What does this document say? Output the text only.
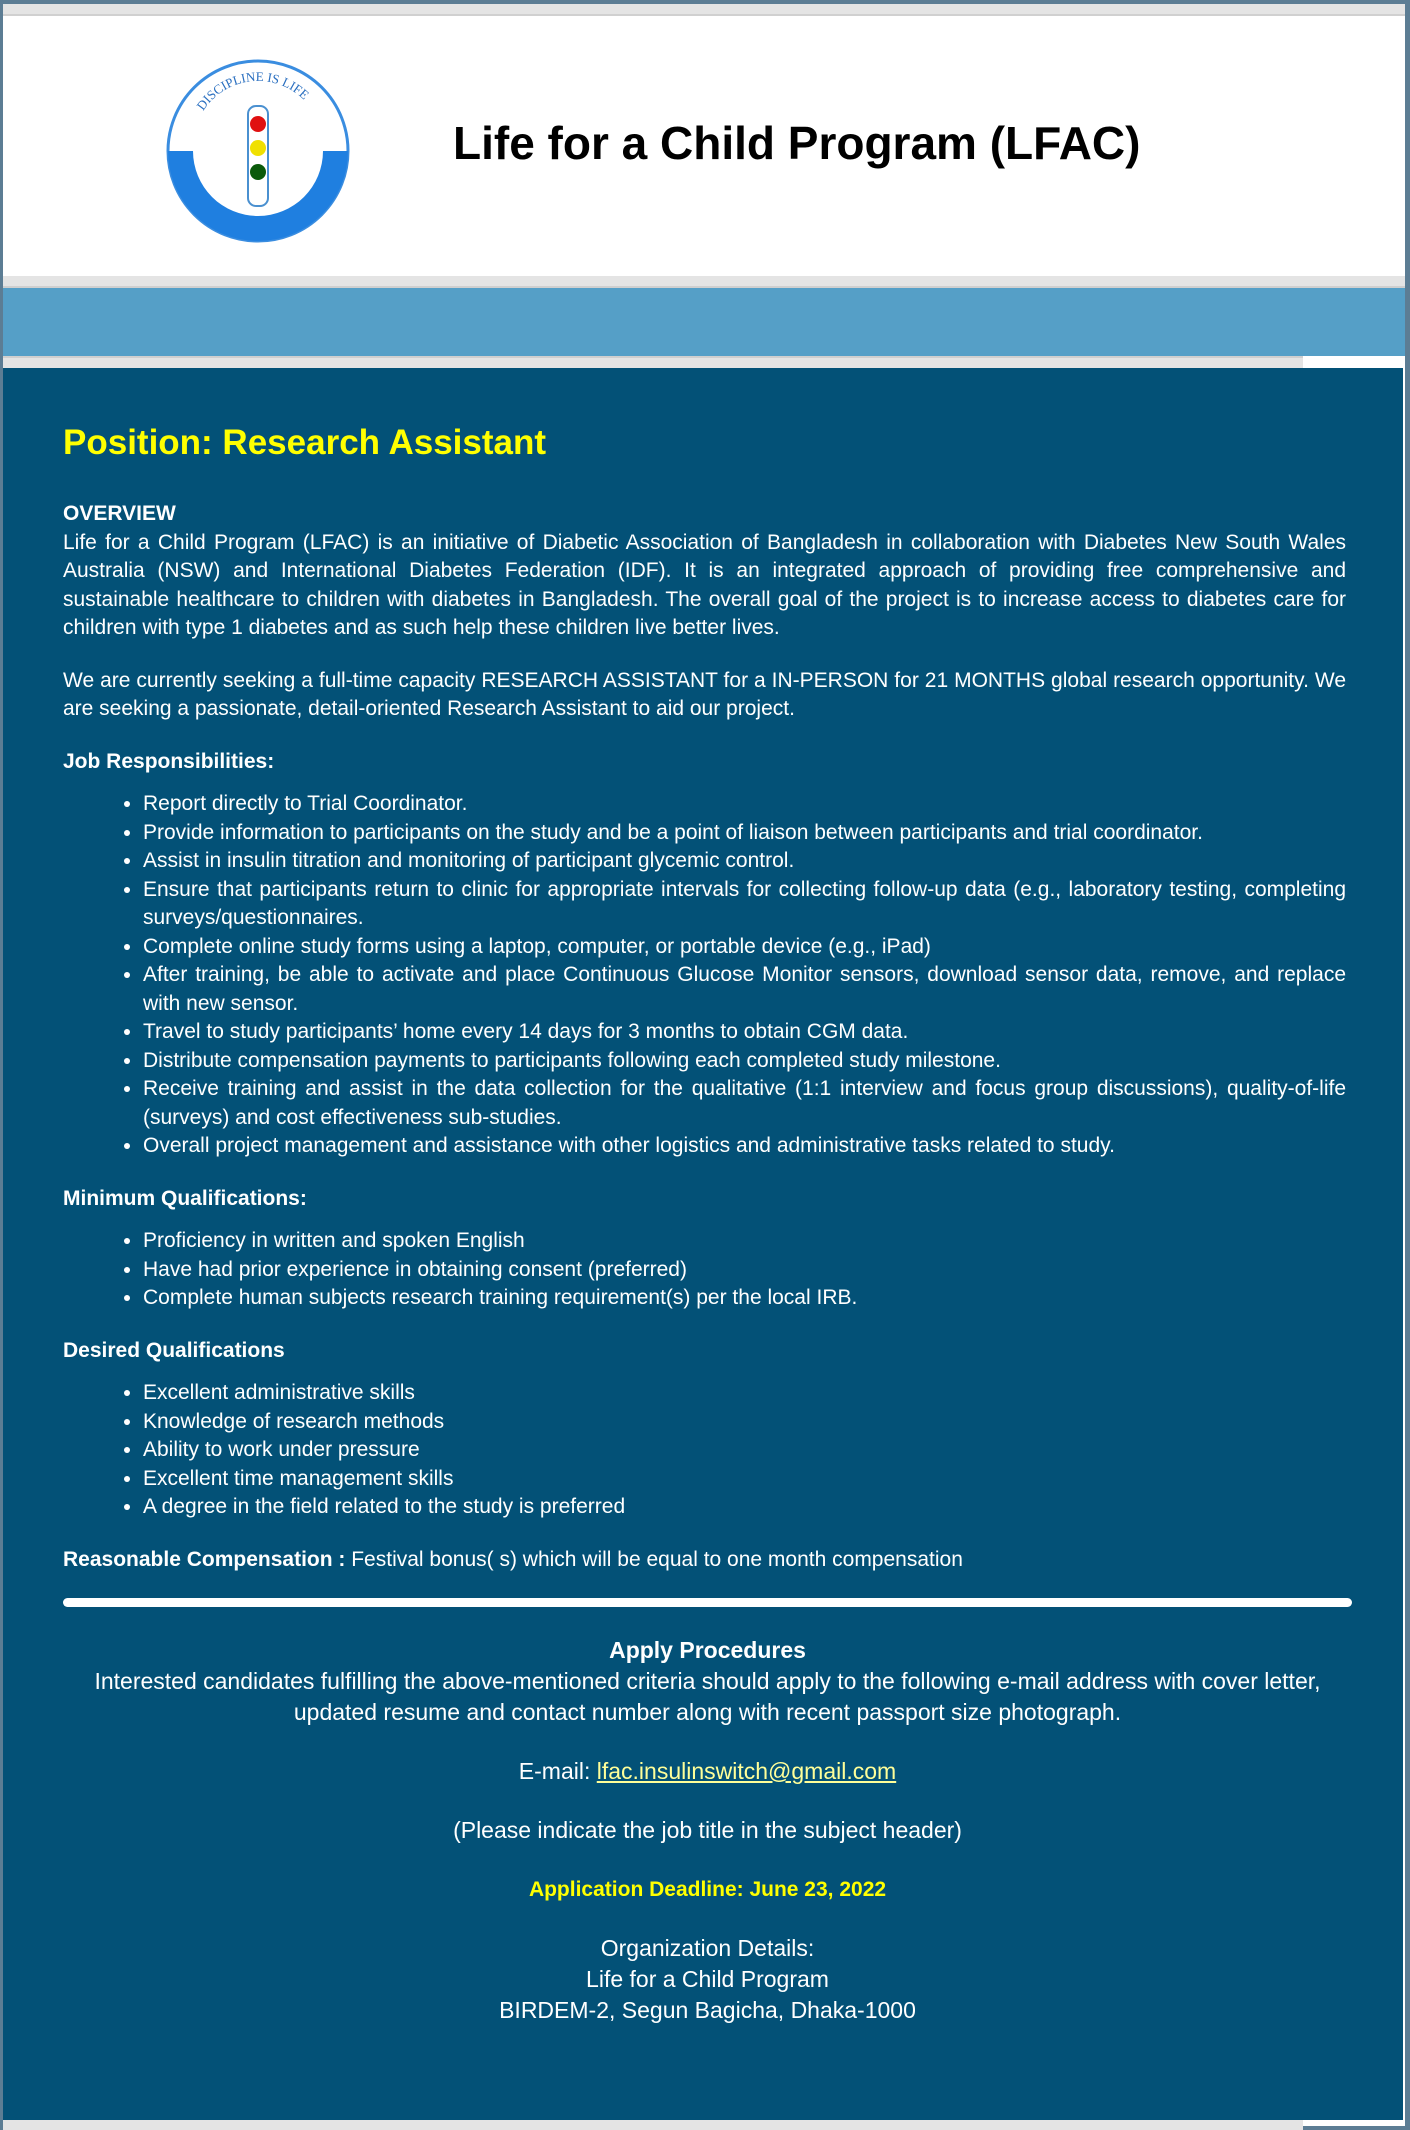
DISCIPLINE IS LIFE
Life for a Child Program (LFAC)
Position: Research Assistant
OVERVIEW

Life for a Child Program (LFAC) is an initiative of Diabetic Association of Bangladesh in collaboration with Diabetes New South Wales Australia (NSW) and International Diabetes Federation (IDF). It is an integrated approach of providing free comprehensive and sustainable healthcare to children with diabetes in Bangladesh. The overall goal of the project is to increase access to diabetes care for children with type 1 diabetes and as such help these children live better lives.

We are currently seeking a full-time capacity RESEARCH ASSISTANT for a IN-PERSON for 21 MONTHS global research opportunity. We are seeking a passionate, detail-oriented Research Assistant to aid our project.

Job Responsibilities:
• Report directly to Trial Coordinator.
• Provide information to participants on the study and be a point of liaison between participants and trial coordinator.
• Assist in insulin titration and monitoring of participant glycemic control.
• Ensure that participants return to clinic for appropriate intervals for collecting follow-up data (e.g., laboratory testing, completing surveys/questionnaires.
• Complete online study forms using a laptop, computer, or portable device (e.g., iPad)
• After training, be able to activate and place Continuous Glucose Monitor sensors, download sensor data, remove, and replace with new sensor.
• Travel to study participants’ home every 14 days for 3 months to obtain CGM data.
• Distribute compensation payments to participants following each completed study milestone.
• Receive training and assist in the data collection for the qualitative (1:1 interview and focus group discussions), quality-of-life (surveys) and cost effectiveness sub-studies.
• Overall project management and assistance with other logistics and administrative tasks related to study.
Minimum Qualifications:
• Proficiency in written and spoken English
• Have had prior experience in obtaining consent (preferred)
• Complete human subjects research training requirement(s) per the local IRB.
Desired Qualifications
• Excellent administrative skills
• Knowledge of research methods
• Ability to work under pressure
• Excellent time management skills
• A degree in the field related to the study is preferred

Reasonable Compensation : Festival bonus( s) which will be equal to one month compensation

Apply Procedures
Interested candidates fulfilling the above-mentioned criteria should apply to the following e-mail address with cover letter, updated resume and contact number along with recent passport size photograph.
E-mail: lfac.insulinswitch@gmail.com
(Please indicate the job title in the subject header)
Application Deadline: June 23, 2022
Organization Details:
Life for a Child Program
BIRDEM-2, Segun Bagicha, Dhaka-1000
